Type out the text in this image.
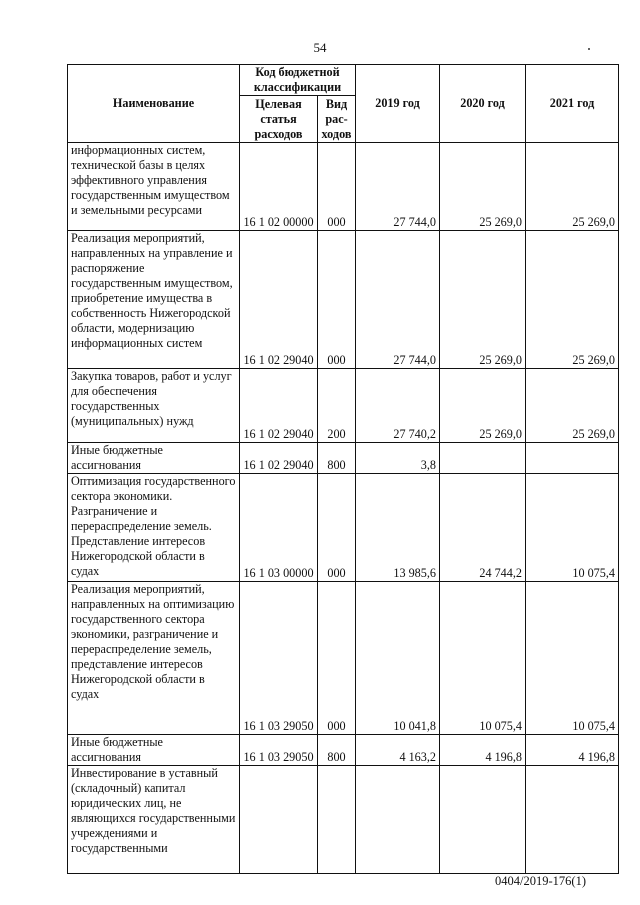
54
Наименование	Код бюджетной классификации		2019 год	2020 год	2021 год
	Целевая статья расходов	Вид рас- ходов			
информационных систем, технической базы в целях эффективного управления государственным имуществом и земельными ресурсами	16 1 02 00000	000	27 744,0	25 269,0	25 269,0
Реализация мероприятий, направленных на управление и распоряжение государственным имуществом, приобретение имущества в собственность Нижегородской области, модернизацию информационных систем	16 1 02 29040	000	27 744,0	25 269,0	25 269,0
Закупка товаров, работ и услуг для обеспечения государственных (муниципальных) нужд	16 1 02 29040	200	27 740,2	25 269,0	25 269,0
Иные бюджетные ассигнования	16 1 02 29040	800	3,8		
Оптимизация государственного сектора экономики. Разграничение и перераспределение земель. Представление интересов Нижегородской области в судах	16 1 03 00000	000	13 985,6	24 744,2	10 075,4
Реализация мероприятий, направленных на оптимизацию государственного сектора экономики, разграничение и перераспределение земель, представление интересов Нижегородской области в судах	16 1 03 29050	000	10 041,8	10 075,4	10 075,4
Иные бюджетные ассигнования	16 1 03 29050	800	4 163,2	4 196,8	4 196,8
Инвестирование в уставный (складочный) капитал юридических лиц, не являющихся государственными учреждениями и государственными					
0404/2019-176(1)
